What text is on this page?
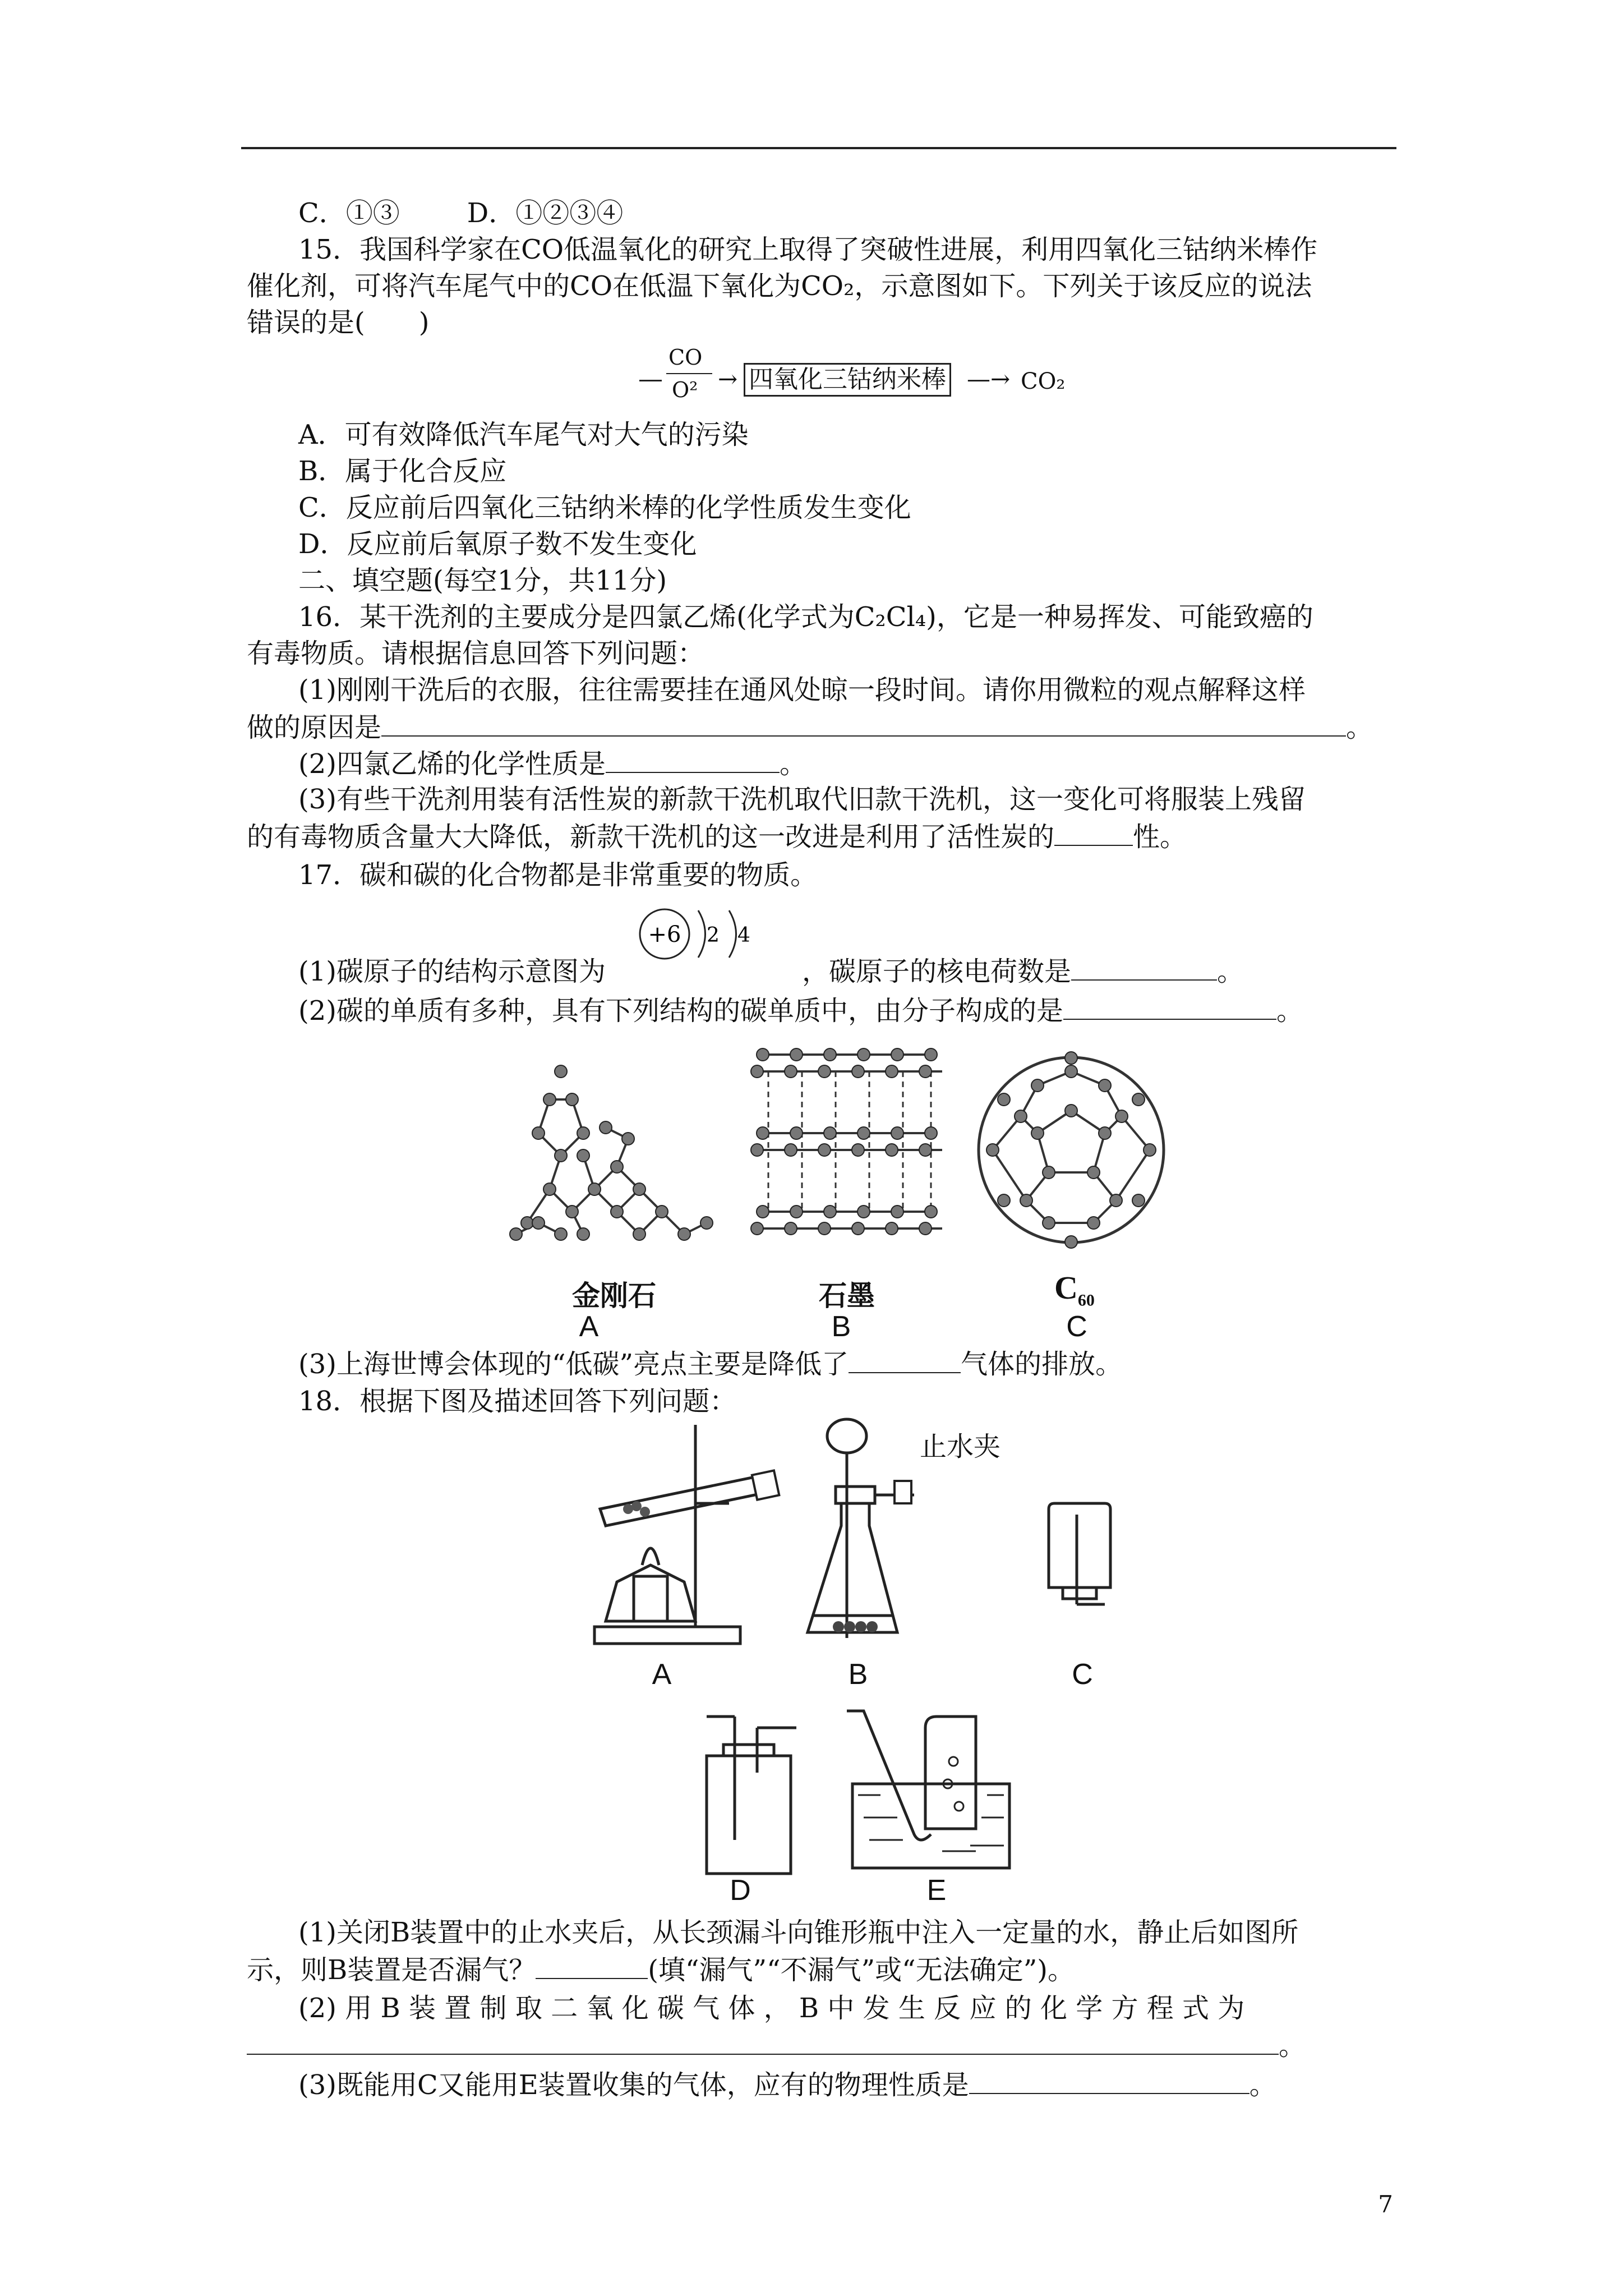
C．①③	D．①②③④
15．我国科学家在CO低温氧化的研究上取得了突破性进展，利用四氧化三钴纳米棒作
催化剂，可将汽车尾气中的CO在低温下氧化为CO₂，示意图如下。下列关于该反应的说法
错误的是(　　)
CO
O² → 四氧化三钴纳米棒 —→ CO₂
A．可有效降低汽车尾气对大气的污染
B．属于化合反应
C．反应前后四氧化三钴纳米棒的化学性质发生变化
D．反应前后氧原子数不发生变化
二、填空题(每空1分，共11分)
16．某干洗剂的主要成分是四氯乙烯(化学式为C₂Cl₄)，它是一种易挥发、可能致癌的
有毒物质。请根据信息回答下列问题：
(1)刚刚干洗后的衣服，往往需要挂在通风处晾一段时间。请你用微粒的观点解释这样
做的原因是	。
(2)四氯乙烯的化学性质是	。
(3)有些干洗剂用装有活性炭的新款干洗机取代旧款干洗机，这一变化可将服装上残留
的有毒物质含量大大降低，新款干洗机的这一改进是利用了活性炭的	性。
17．碳和碳的化合物都是非常重要的物质。
+6 2 4
(1)碳原子的结构示意图为	，碳原子的核电荷数是	。
(2)碳的单质有多种，具有下列结构的碳单质中，由分子构成的是	。
金刚石	石墨	$C_{60}$
A	B	C
(3)上海世博会体现的“低碳”亮点主要是降低了	气体的排放。
18．根据下图及描述回答下列问题：
止水夹
A	B	C
D	E
(1)关闭B装置中的止水夹后，从长颈漏斗向锥形瓶中注入一定量的水，静止后如图所
示，则B装置是否漏气？	(填“漏气”“不漏气”或“无法确定”)。
(2) 用 B 装 置 制 取 二 氧 化 碳 气 体 ， B 中 发 生 反 应 的 化 学 方 程 式 为
。
(3)既能用C又能用E装置收集的气体，应有的物理性质是	。
7
